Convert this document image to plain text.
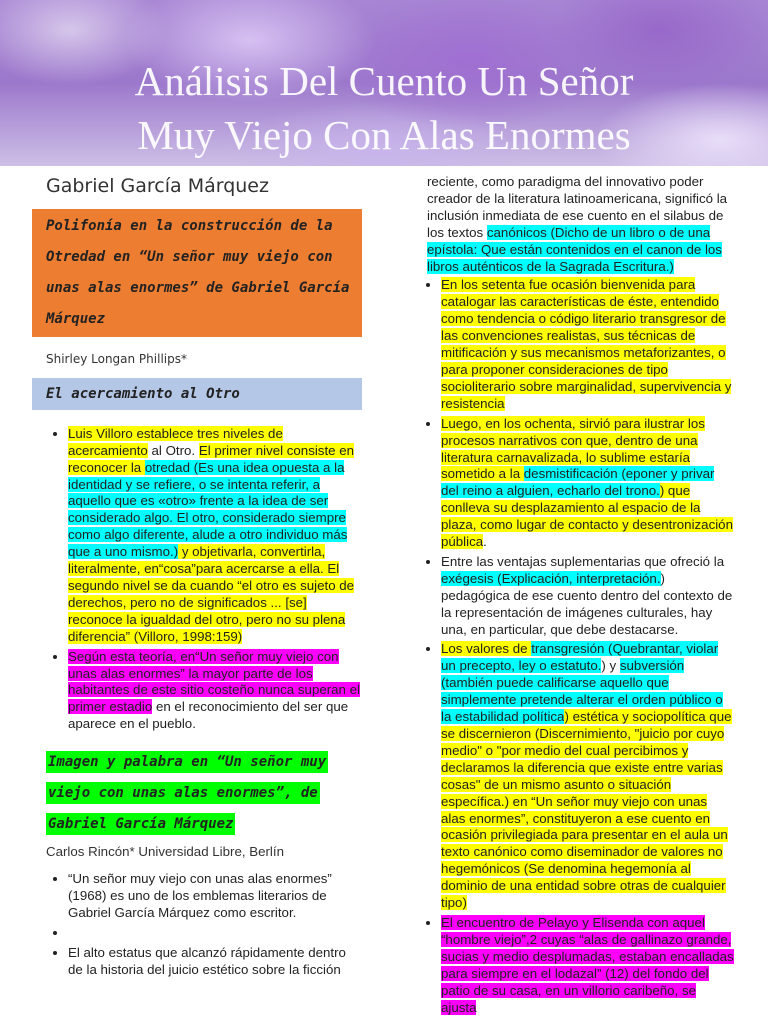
Análisis Del Cuento Un Señor
Muy Viejo Con Alas Enormes
Gabriel García Márquez
Polifonía en la construcción de la Otredad en “Un señor muy viejo con unas alas enormes” de Gabriel García Márquez
Shirley Longan Phillips*
El acercamiento al Otro
• Luis Villoro establece tres niveles de acercamiento al Otro. El primer nivel consiste en reconocer la otredad (Es una idea opuesta a la identidad y se refiere, o se intenta referir, a aquello que es «otro» frente a la idea de ser considerado algo. El otro, considerado siempre como algo diferente, alude a otro individuo más que a uno mismo.) y objetivarla, convertirla, literalmente, en“cosa”para acercarse a ella. El segundo nivel se da cuando “el otro es sujeto de derechos, pero no de significados ... [se] reconoce la igualdad del otro, pero no su plena diferencia” (Villoro, 1998:159)
• Según esta teoría, en“Un señor muy viejo con unas alas enormes” la mayor parte de los habitantes de este sitio costeño nunca superan el primer estadio en el reconocimiento del ser que aparece en el pueblo.
Imagen y palabra en “Un señor muy viejo con unas alas enormes”, de Gabriel García Márquez
Carlos Rincón* Universidad Libre, Berlín
• “Un señor muy viejo con unas alas enormes” (1968) es uno de los emblemas literarios de Gabriel García Márquez como escritor.
•
• El alto estatus que alcanzó rápidamente dentro de la historia del juicio estético sobre la ficción
reciente, como paradigma del innovativo poder creador de la literatura latinoamericana, significó la inclusión inmediata de ese cuento en el silabus de los textos canónicos (Dicho de un libro o de una epístola: Que están contenidos en el canon de los libros auténticos de la Sagrada Escritura.)
• En los setenta fue ocasión bienvenida para catalogar las características de éste, entendido como tendencia o código literario transgresor de las convenciones realistas, sus técnicas de mitificación y sus mecanismos metaforizantes, o para proponer consideraciones de tipo socioliterario sobre marginalidad, supervivencia y resistencia
• Luego, en los ochenta, sirvió para ilustrar los procesos narrativos con que, dentro de una literatura carnavalizada, lo sublime estaría sometido a la desmistificación (eponer y privar del reino a alguien, echarlo del trono.) que conlleva su desplazamiento al espacio de la plaza, como lugar de contacto y desentronización pública.
• Entre las ventajas suplementarias que ofreció la exégesis (Explicación, interpretación.) pedagógica de ese cuento dentro del contexto de la representación de imágenes culturales, hay una, en particular, que debe destacarse.
• Los valores de transgresión (Quebrantar, violar un precepto, ley o estatuto.) y subversión (también puede calificarse aquello que simplemente pretende alterar el orden público o la estabilidad política) estética y sociopolítica que se discernieron (Discernimiento, "juicio por cuyo medio" o "por medio del cual percibimos y declaramos la diferencia que existe entre varias cosas" de un mismo asunto o situación específica.) en “Un señor muy viejo con unas alas enormes”, constituyeron a ese cuento en ocasión privilegiada para presentar en el aula un texto canónico como diseminador de valores no hegemónicos (Se denomina hegemonía al dominio de una entidad sobre otras de cualquier tipo)
• El encuentro de Pelayo y Elisenda con aquel “hombre viejo”,2 cuyas “alas de gallinazo grande, sucias y medio desplumadas, estaban encalladas para siempre en el lodazal” (12) del fondo del patio de su casa, en un villorio caribeño, se ajusta
